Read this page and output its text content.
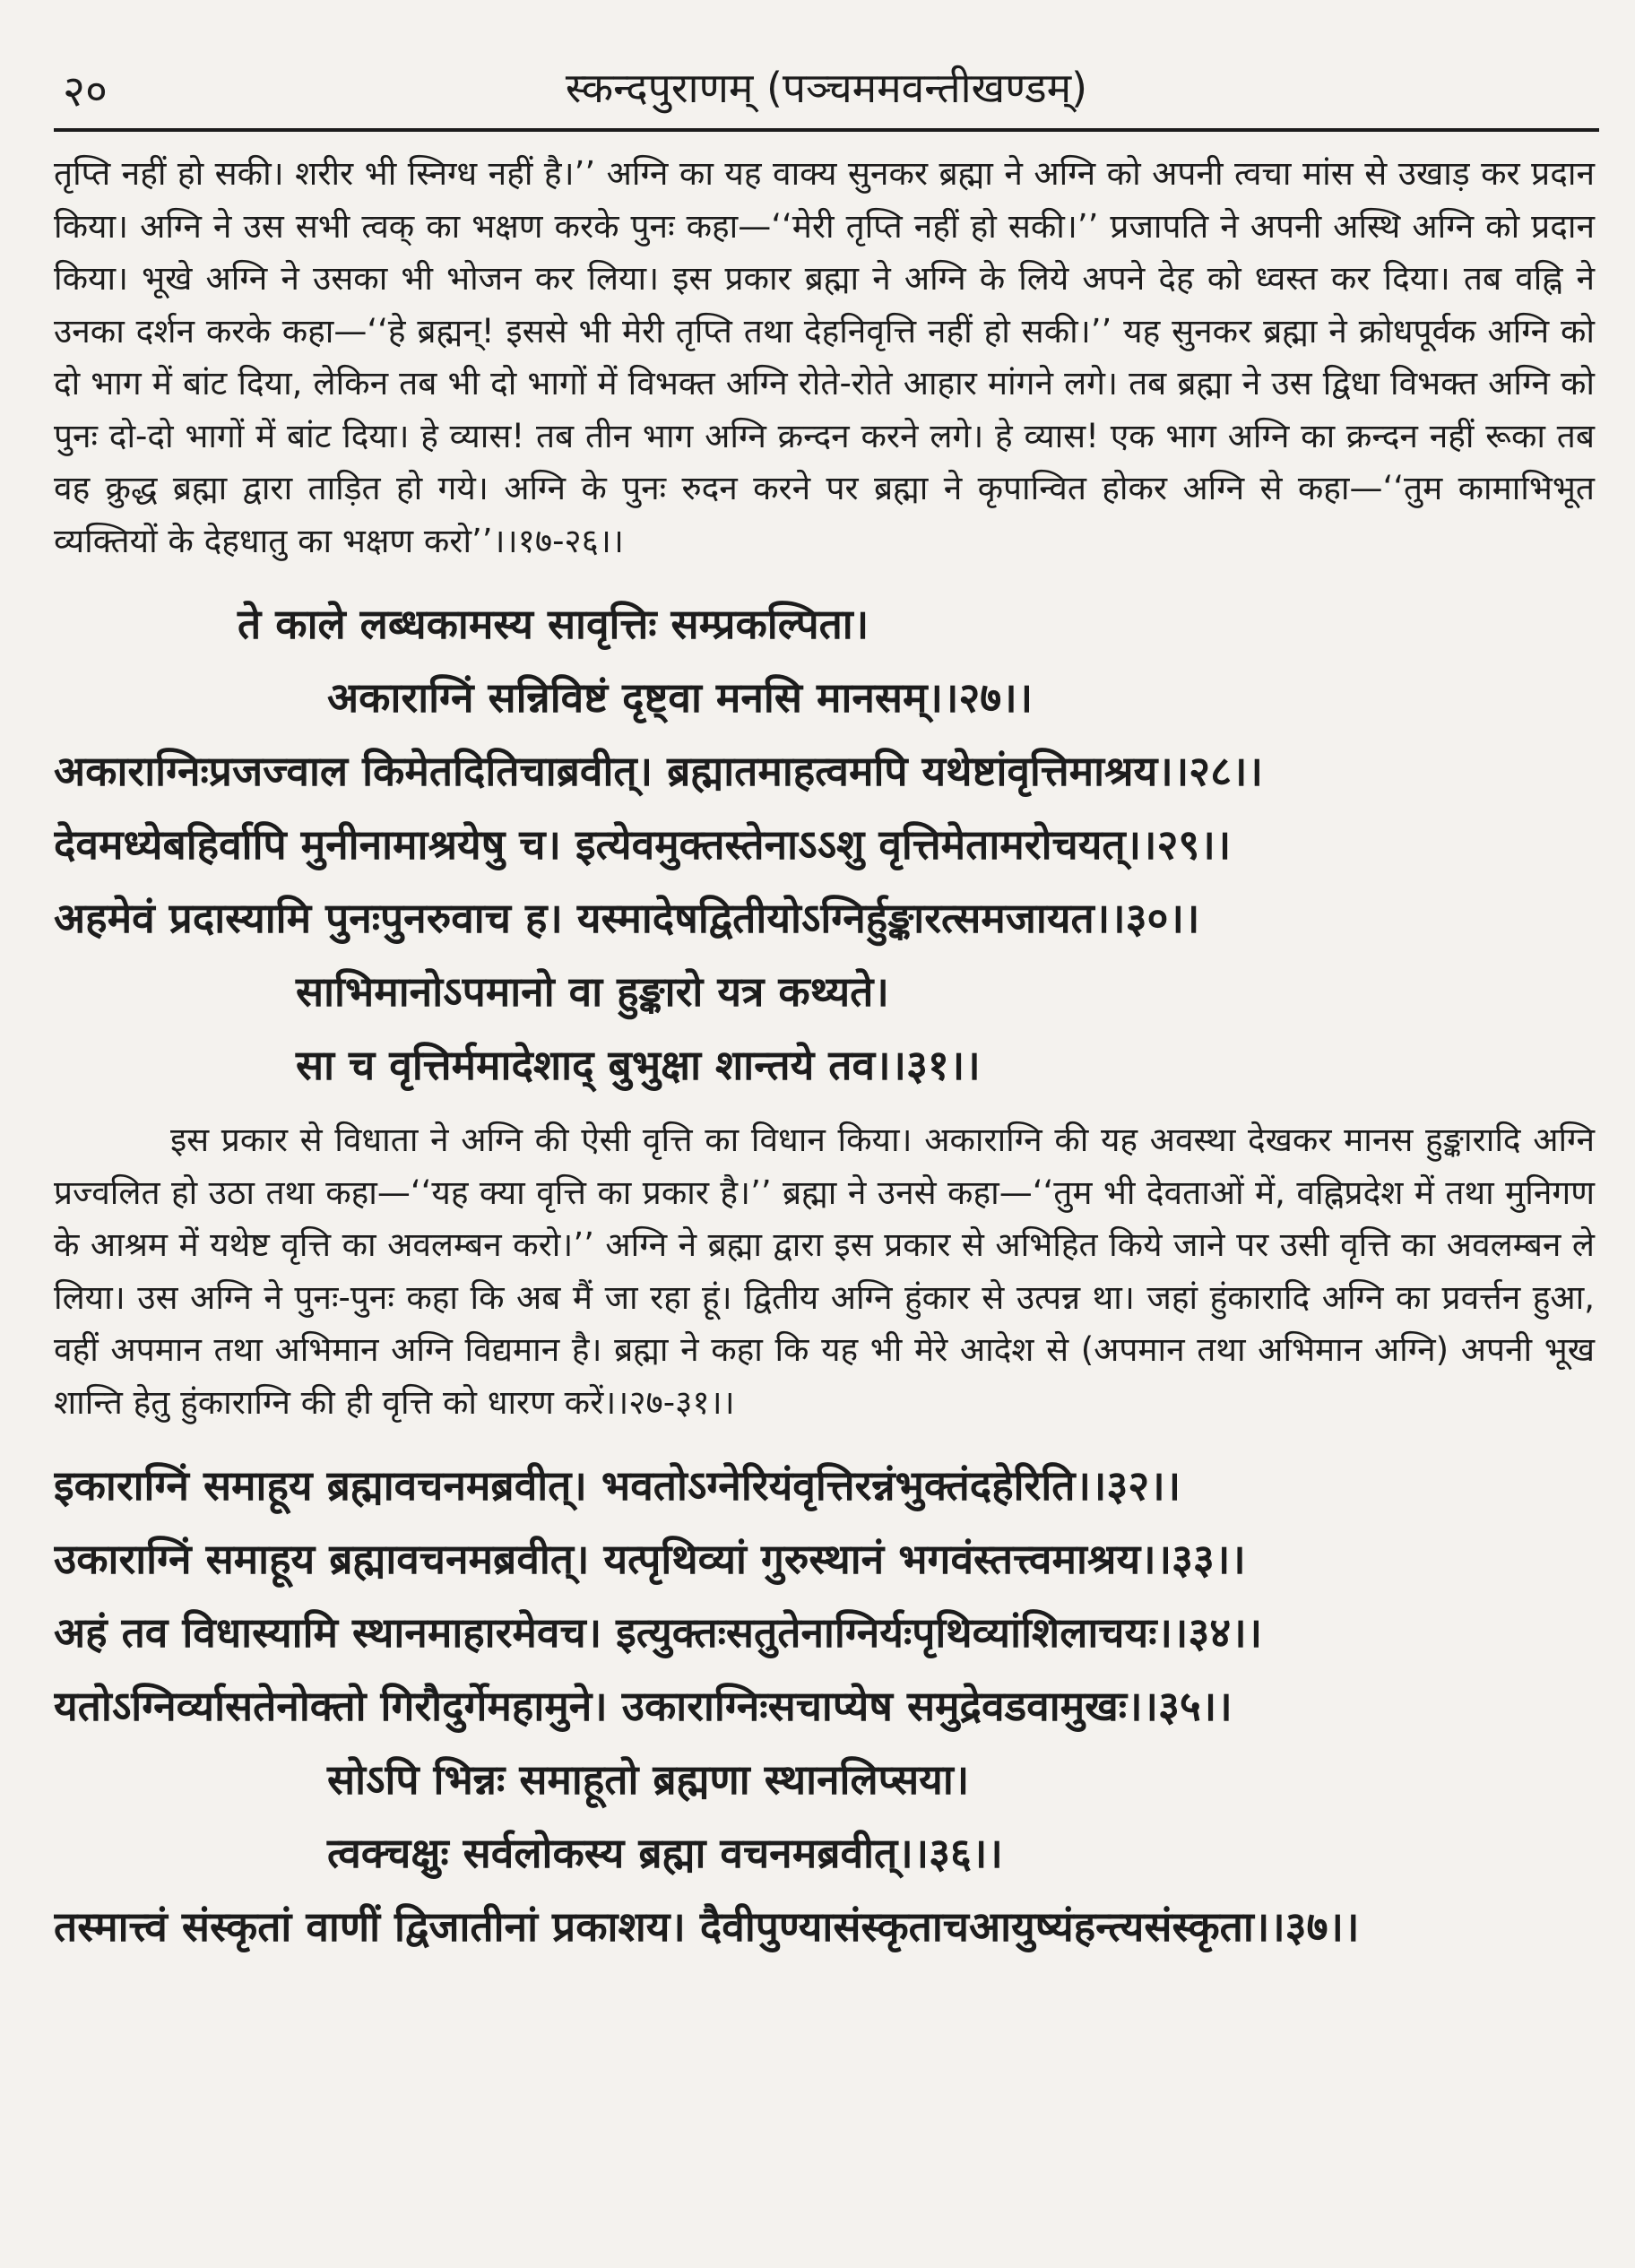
२०	स्कन्दपुराणम् (पञ्चममवन्तीखण्डम्)

तृप्ति नहीं हो सकी। शरीर भी स्निग्ध नहीं है।’’ अग्नि का यह वाक्य सुनकर ब्रह्मा ने अग्नि को अपनी त्वचा मांस से उखाड़ कर प्रदान किया। अग्नि ने उस सभी त्वक् का भक्षण करके पुनः कहा—‘‘मेरी तृप्ति नहीं हो सकी।’’ प्रजापति ने अपनी अस्थि अग्नि को प्रदान किया। भूखे अग्नि ने उसका भी भोजन कर लिया। इस प्रकार ब्रह्मा ने अग्नि के लिये अपने देह को ध्वस्त कर दिया। तब वह्नि ने उनका दर्शन करके कहा—‘‘हे ब्रह्मन्! इससे भी मेरी तृप्ति तथा देहनिवृत्ति नहीं हो सकी।’’ यह सुनकर ब्रह्मा ने क्रोधपूर्वक अग्नि को दो भाग में बांट दिया, लेकिन तब भी दो भागों में विभक्त अग्नि रोते-रोते आहार मांगने लगे। तब ब्रह्मा ने उस द्विधा विभक्त अग्नि को पुनः दो-दो भागों में बांट दिया। हे व्यास! तब तीन भाग अग्नि क्रन्दन करने लगे। हे व्यास! एक भाग अग्नि का क्रन्दन नहीं रूका तब वह क्रुद्ध ब्रह्मा द्वारा ताड़ित हो गये। अग्नि के पुनः रुदन करने पर ब्रह्मा ने कृपान्वित होकर अग्नि से कहा—‘‘तुम कामाभिभूत व्यक्तियों के देहधातु का भक्षण करो’’।।१७-२६।।

ते काले लब्धकामस्य सावृत्तिः सम्प्रकल्पिता।
अकाराग्निं सन्निविष्टं दृष्ट्वा मनसि मानसम्।।२७।।
अकाराग्निःप्रजज्वाल किमेतदितिचाब्रवीत्। ब्रह्मातमाहत्वमपि यथेष्टांवृत्तिमाश्रय।।२८।।
देवमध्येबहिर्वापि मुनीनामाश्रयेषु च। इत्येवमुक्तस्तेनाऽऽशु वृत्तिमेतामरोचयत्।।२९।।
अहमेवं प्रदास्यामि पुनःपुनरुवाच ह। यस्मादेषद्वितीयोऽग्निर्हुङ्कारत्समजायत।।३०।।
साभिमानोऽपमानो वा हुङ्कारो यत्र कथ्यते।
सा च वृत्तिर्ममादेशाद् बुभुक्षा शान्तये तव।।३१।।

इस प्रकार से विधाता ने अग्नि की ऐसी वृत्ति का विधान किया। अकाराग्नि की यह अवस्था देखकर मानस हुङ्कारादि अग्नि प्रज्वलित हो उठा तथा कहा—‘‘यह क्या वृत्ति का प्रकार है।’’ ब्रह्मा ने उनसे कहा—‘‘तुम भी देवताओं में, वह्निप्रदेश में तथा मुनिगण के आश्रम में यथेष्ट वृत्ति का अवलम्बन करो।’’ अग्नि ने ब्रह्मा द्वारा इस प्रकार से अभिहित किये जाने पर उसी वृत्ति का अवलम्बन ले लिया। उस अग्नि ने पुनः-पुनः कहा कि अब मैं जा रहा हूं। द्वितीय अग्नि हुंकार से उत्पन्न था। जहां हुंकारादि अग्नि का प्रवर्त्तन हुआ, वहीं अपमान तथा अभिमान अग्नि विद्यमान है। ब्रह्मा ने कहा कि यह भी मेरे आदेश से (अपमान तथा अभिमान अग्नि) अपनी भूख शान्ति हेतु हुंकाराग्नि की ही वृत्ति को धारण करें।।२७-३१।।

इकाराग्निं समाहूय ब्रह्मावचनमब्रवीत्। भवतोऽग्नेरियंवृत्तिरन्नंभुक्तंदहेरिति।।३२।।
उकाराग्निं समाहूय ब्रह्मावचनमब्रवीत्। यत्पृथिव्यां गुरुस्थानं भगवंस्तत्त्वमाश्रय।।३३।।
अहं तव विधास्यामि स्थानमाहारमेवच। इत्युक्तःसतुतेनाग्निर्यःपृथिव्यांशिलाचयः।।३४।।
यतोऽग्निर्व्यासतेनोक्तो गिरौदुर्गेमहामुने। उकाराग्निःसचाप्येष समुद्रेवडवामुखः।।३५।।
सोऽपि भिन्नः समाहूतो ब्रह्मणा स्थानलिप्सया।
त्वक्चक्षुः सर्वलोकस्य ब्रह्मा वचनमब्रवीत्।।३६।।
तस्मात्त्वं संस्कृतां वाणीं द्विजातीनां प्रकाशय। दैवीपुण्यासंस्कृताचआयुष्यंहन्त्यसंस्कृता।।३७।।
